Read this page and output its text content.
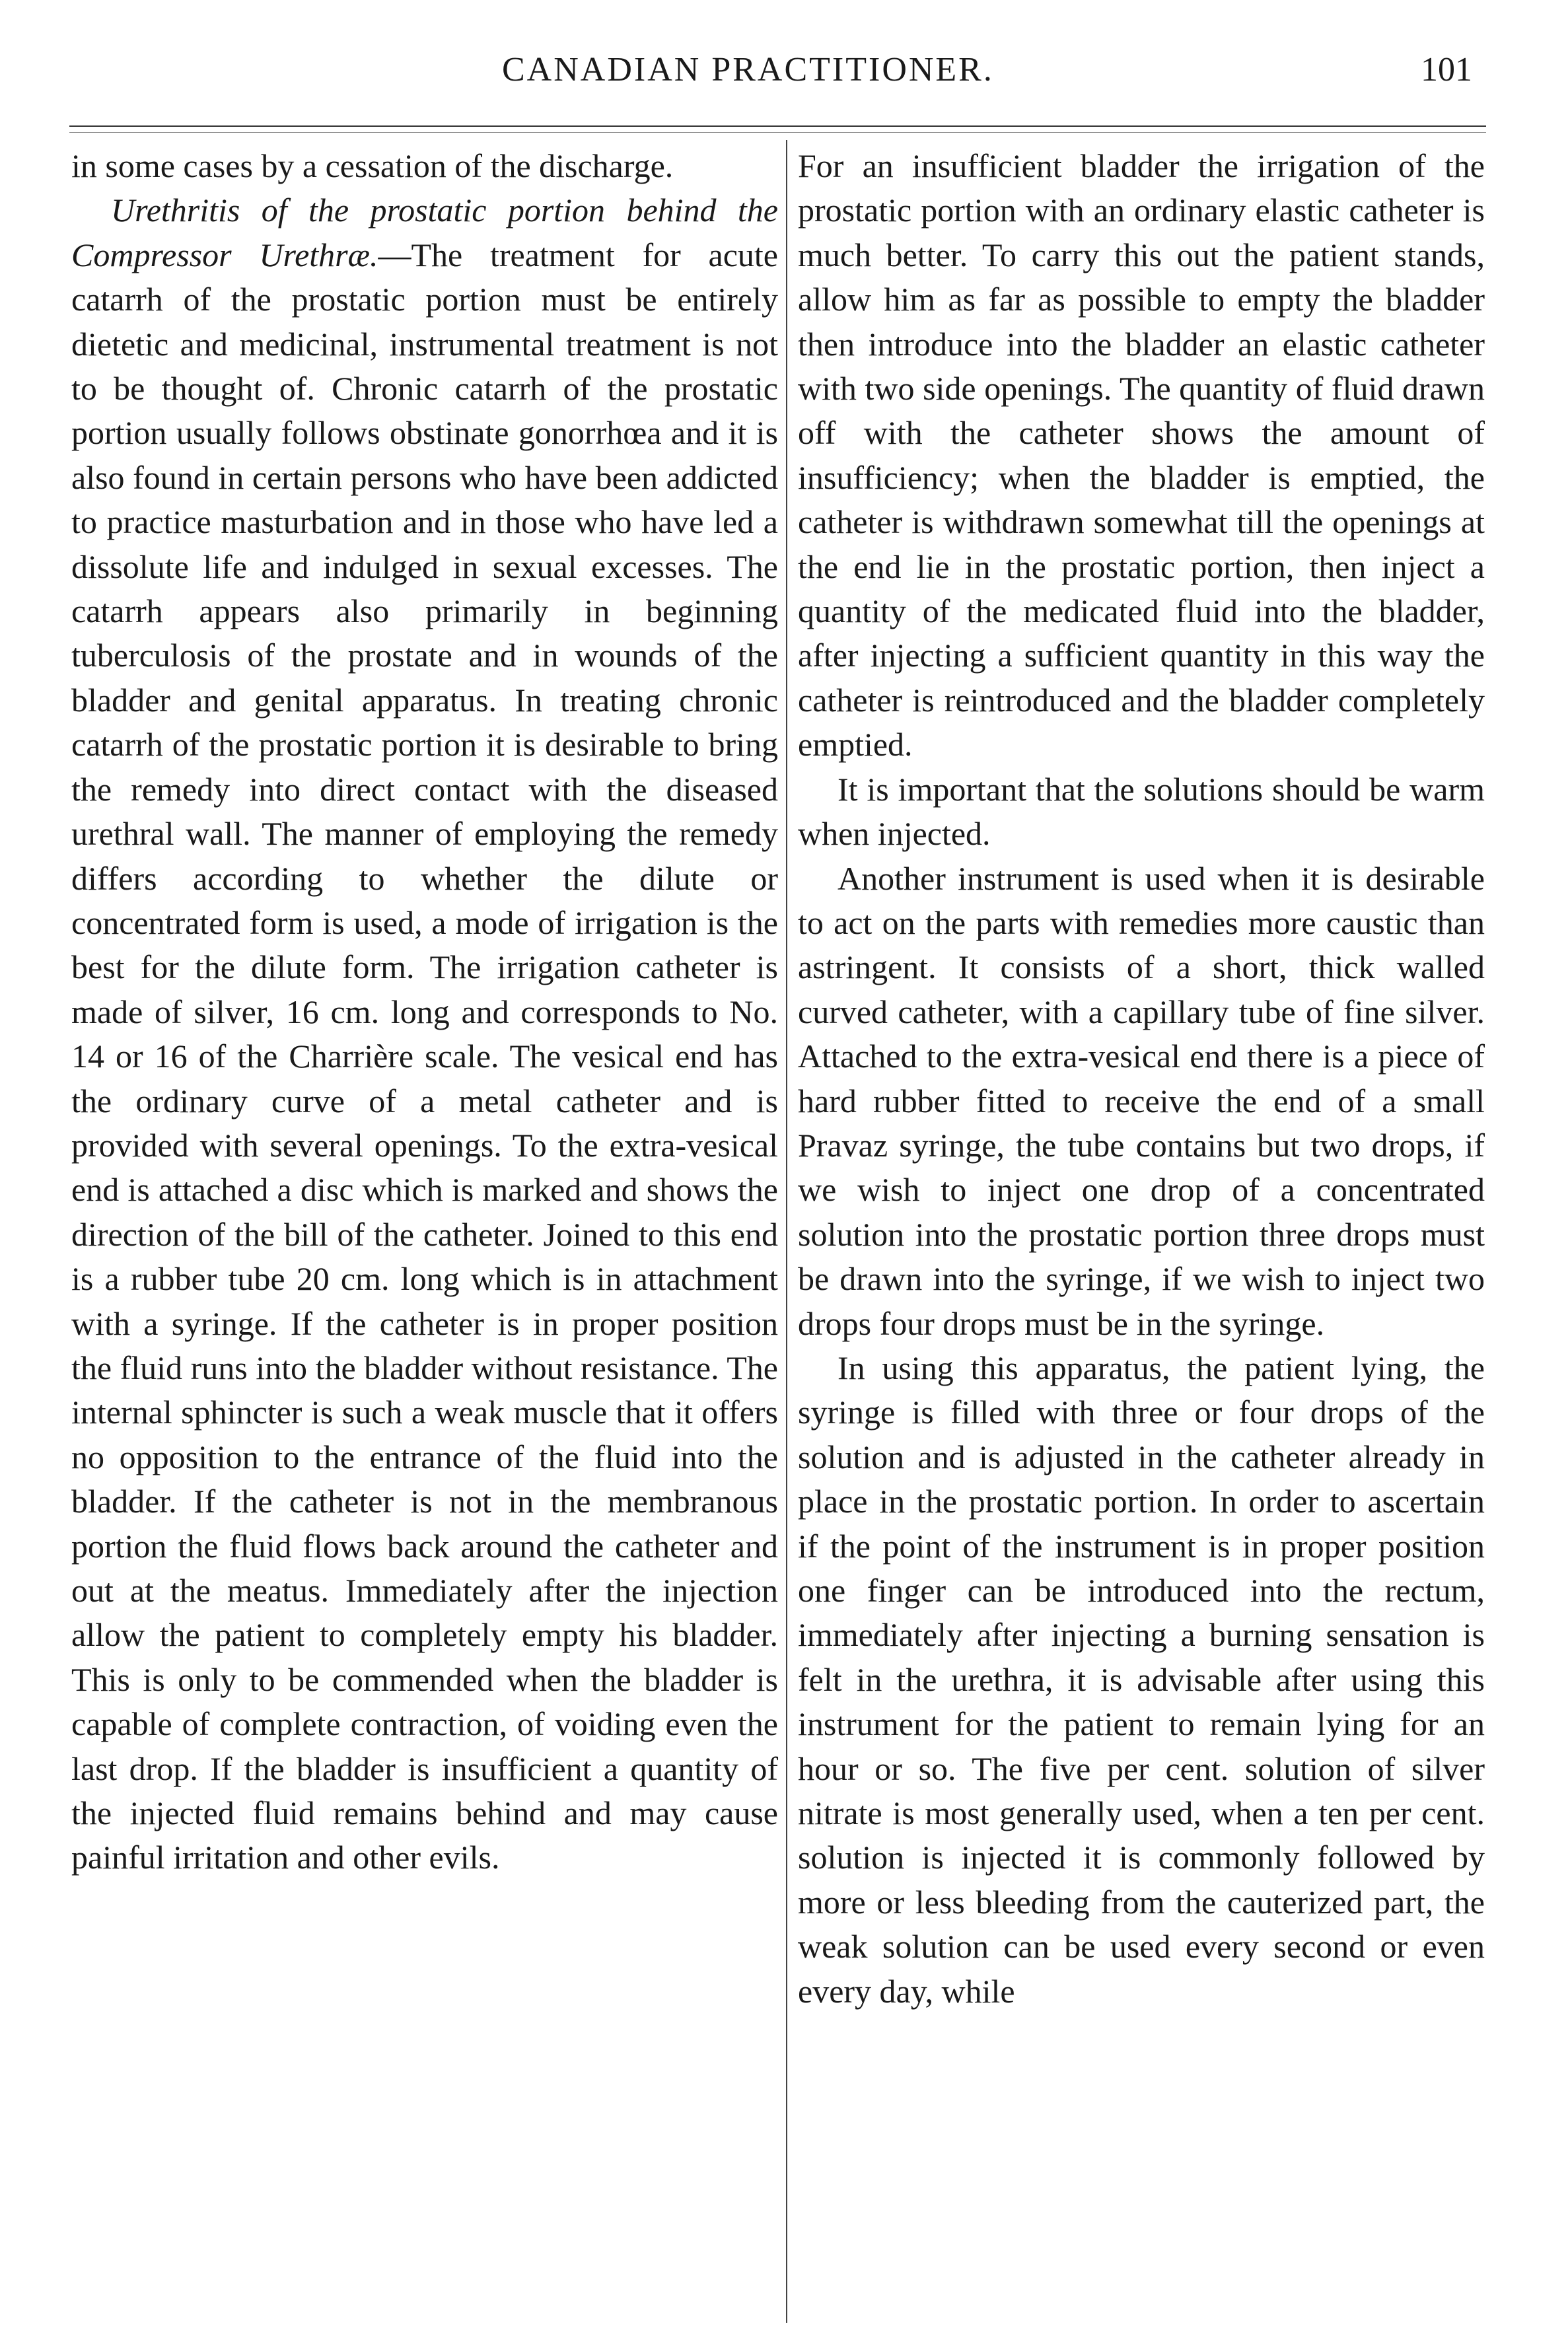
CANADIAN PRACTITIONER.	101

in some cases by a cessation of the discharge.

Urethritis of the prostatic portion behind the Compressor Urethræ.—The treatment for acute catarrh of the prostatic portion must be entirely dietetic and medicinal, instrumental treatment is not to be thought of. Chronic catarrh of the prostatic portion usually follows obstinate gonorrhœa and it is also found in certain persons who have been addicted to practice masturbation and in those who have led a dissolute life and indulged in sexual excesses. The catarrh appears also primarily in beginning tuberculosis of the prostate and in wounds of the bladder and genital apparatus. In treating chronic catarrh of the prostatic portion it is desirable to bring the remedy into direct contact with the diseased urethral wall. The manner of employing the remedy differs according to whether the dilute or concentrated form is used, a mode of irrigation is the best for the dilute form. The irrigation catheter is made of silver, 16 cm. long and corresponds to No. 14 or 16 of the Charrière scale. The vesical end has the ordinary curve of a metal catheter and is provided with several openings. To the extra-vesical end is attached a disc which is marked and shows the direction of the bill of the catheter. Joined to this end is a rubber tube 20 cm. long which is in attachment with a syringe. If the catheter is in proper position the fluid runs into the bladder without resistance. The internal sphincter is such a weak muscle that it offers no opposition to the entrance of the fluid into the bladder. If the catheter is not in the membranous portion the fluid flows back around the catheter and out at the meatus. Immediately after the injection allow the patient to completely empty his bladder. This is only to be commended when the bladder is capable of complete contraction, of voiding even the last drop. If the bladder is insufficient a quantity of the injected fluid remains behind and may cause painful irritation and other evils.

For an insufficient bladder the irrigation of the prostatic portion with an ordinary elastic catheter is much better. To carry this out the patient stands, allow him as far as possible to empty the bladder then introduce into the bladder an elastic catheter with two side openings. The quantity of fluid drawn off with the catheter shows the amount of insufficiency; when the bladder is emptied, the catheter is withdrawn somewhat till the openings at the end lie in the prostatic portion, then inject a quantity of the medicated fluid into the bladder, after injecting a sufficient quantity in this way the catheter is reintroduced and the bladder completely emptied.

It is important that the solutions should be warm when injected.

Another instrument is used when it is desirable to act on the parts with remedies more caustic than astringent. It consists of a short, thick walled curved catheter, with a capillary tube of fine silver. Attached to the extra-vesical end there is a piece of hard rubber fitted to receive the end of a small Pravaz syringe, the tube contains but two drops, if we wish to inject one drop of a concentrated solution into the prostatic portion three drops must be drawn into the syringe, if we wish to inject two drops four drops must be in the syringe.

In using this apparatus, the patient lying, the syringe is filled with three or four drops of the solution and is adjusted in the catheter already in place in the prostatic portion. In order to ascertain if the point of the instrument is in proper position one finger can be introduced into the rectum, immediately after injecting a burning sensation is felt in the urethra, it is advisable after using this instrument for the patient to remain lying for an hour or so. The five per cent. solution of silver nitrate is most generally used, when a ten per cent. solution is injected it is commonly followed by more or less bleeding from the cauterized part, the weak solution can be used every second or even every day, while
